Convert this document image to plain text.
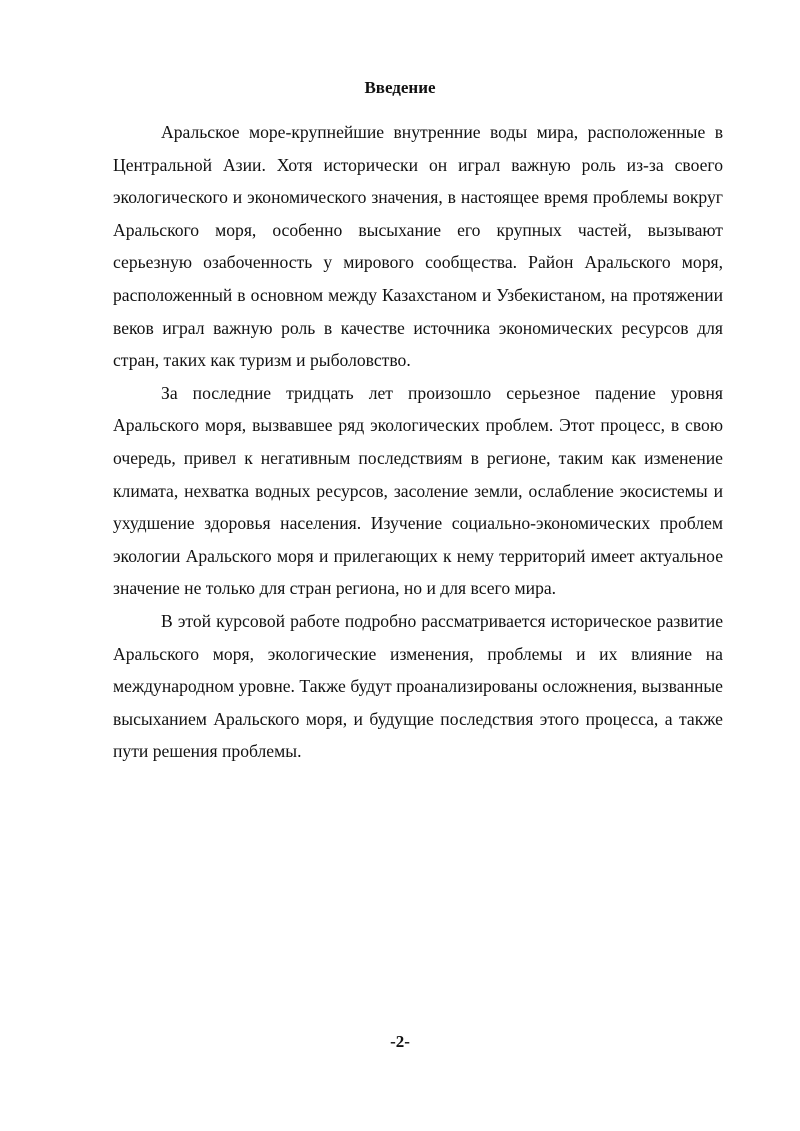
Введение

Аральское море-крупнейшие внутренние воды мира, расположенные в Центральной Азии. Хотя исторически он играл важную роль из-за своего экологического и экономического значения, в настоящее время проблемы вокруг Аральского моря, особенно высыхание его крупных частей, вызывают серьезную озабоченность у мирового сообщества. Район Аральского моря, расположенный в основном между Казахстаном и Узбекистаном, на протяжении веков играл важную роль в качестве источника экономических ресурсов для стран, таких как туризм и рыболовство.

За последние тридцать лет произошло серьезное падение уровня Аральского моря, вызвавшее ряд экологических проблем. Этот процесс, в свою очередь, привел к негативным последствиям в регионе, таким как изменение климата, нехватка водных ресурсов, засоление земли, ослабление экосистемы и ухудшение здоровья населения. Изучение социально-экономических проблем экологии Аральского моря и прилегающих к нему территорий имеет актуальное значение не только для стран региона, но и для всего мира.

В этой курсовой работе подробно рассматривается историческое развитие Аральского моря, экологические изменения, проблемы и их влияние на международном уровне. Также будут проанализированы осложнения, вызванные высыханием Аральского моря, и будущие последствия этого процесса, а также пути решения проблемы.

-2-
